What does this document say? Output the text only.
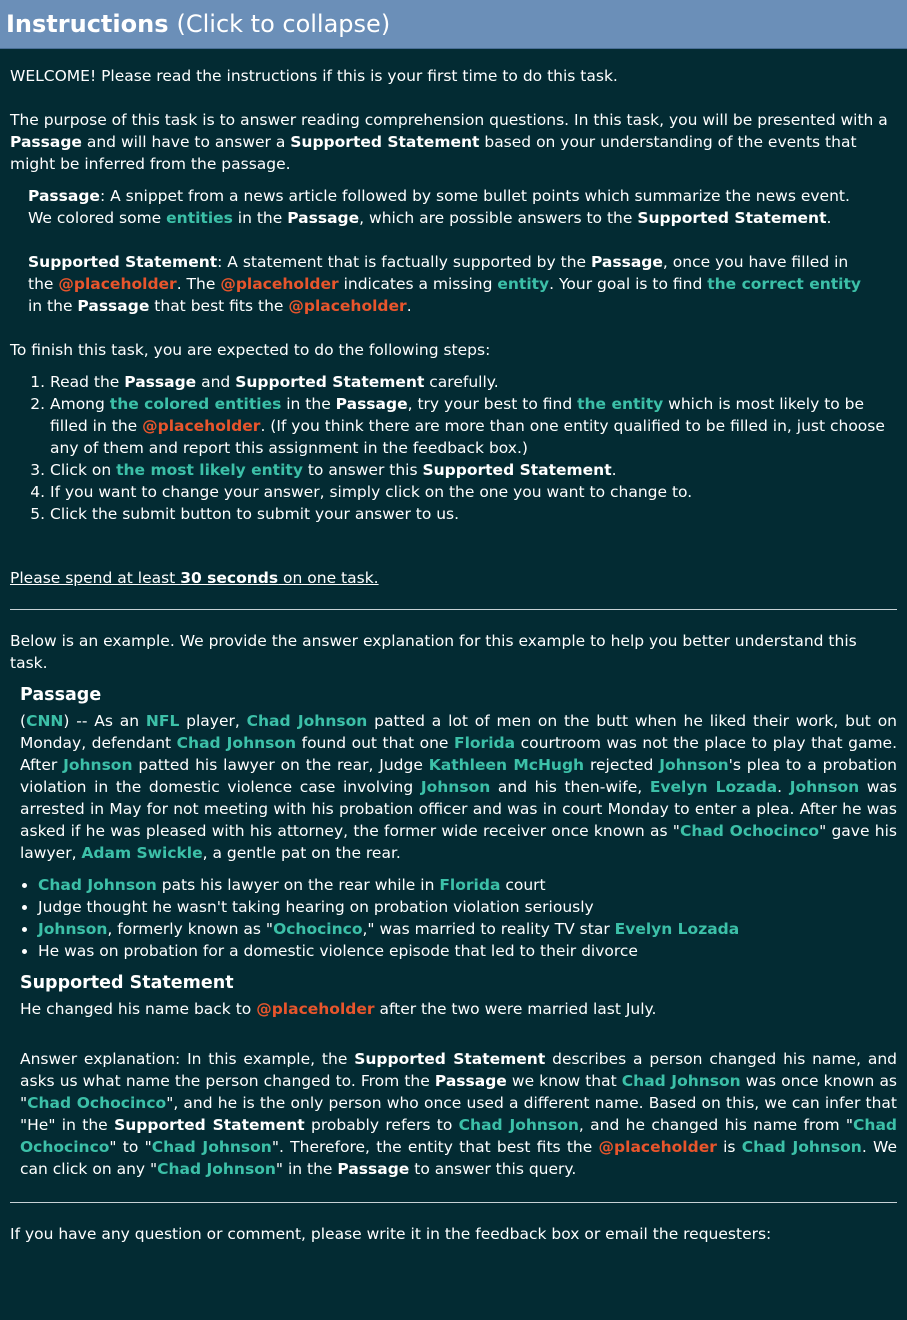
Instructions (Click to collapse)

WELCOME! Please read the instructions if this is your first time to do this task.

The purpose of this task is to answer reading comprehension questions. In this task, you will be presented with a Passage and will have to answer a Supported Statement based on your understanding of the events that might be inferred from the passage.

Passage: A snippet from a news article followed by some bullet points which summarize the news event. We colored some entities in the Passage, which are possible answers to the Supported Statement.

Supported Statement: A statement that is factually supported by the Passage, once you have filled in the @placeholder. The @placeholder indicates a missing entity. Your goal is to find the correct entity in the Passage that best fits the @placeholder.

To finish this task, you are expected to do the following steps:

1. Read the Passage and Supported Statement carefully.
2. Among the colored entities in the Passage, try your best to find the entity which is most likely to be filled in the @placeholder. (If you think there are more than one entity qualified to be filled in, just choose any of them and report this assignment in the feedback box.)
3. Click on the most likely entity to answer this Supported Statement.
4. If you want to change your answer, simply click on the one you want to change to.
5. Click the submit button to submit your answer to us.

Please spend at least 30 seconds on one task.

Below is an example. We provide the answer explanation for this example to help you better understand this task.

Passage

(CNN) -- As an NFL player, Chad Johnson patted a lot of men on the butt when he liked their work, but on Monday, defendant Chad Johnson found out that one Florida courtroom was not the place to play that game. After Johnson patted his lawyer on the rear, Judge Kathleen McHugh rejected Johnson's plea to a probation violation in the domestic violence case involving Johnson and his then-wife, Evelyn Lozada. Johnson was arrested in May for not meeting with his probation officer and was in court Monday to enter a plea. After he was asked if he was pleased with his attorney, the former wide receiver once known as "Chad Ochocinco" gave his lawyer, Adam Swickle, a gentle pat on the rear.

• Chad Johnson pats his lawyer on the rear while in Florida court
• Judge thought he wasn't taking hearing on probation violation seriously
• Johnson, formerly known as "Ochocinco," was married to reality TV star Evelyn Lozada
• He was on probation for a domestic violence episode that led to their divorce
Supported Statement

He changed his name back to @placeholder after the two were married last July.

Answer explanation: In this example, the Supported Statement describes a person changed his name, and asks us what name the person changed to. From the Passage we know that Chad Johnson was once known as "Chad Ochocinco", and he is the only person who once used a different name. Based on this, we can infer that "He" in the Supported Statement probably refers to Chad Johnson, and he changed his name from "Chad Ochocinco" to "Chad Johnson". Therefore, the entity that best fits the @placeholder is Chad Johnson. We can click on any "Chad Johnson" in the Passage to answer this query.

If you have any question or comment, please write it in the feedback box or email the requesters:
